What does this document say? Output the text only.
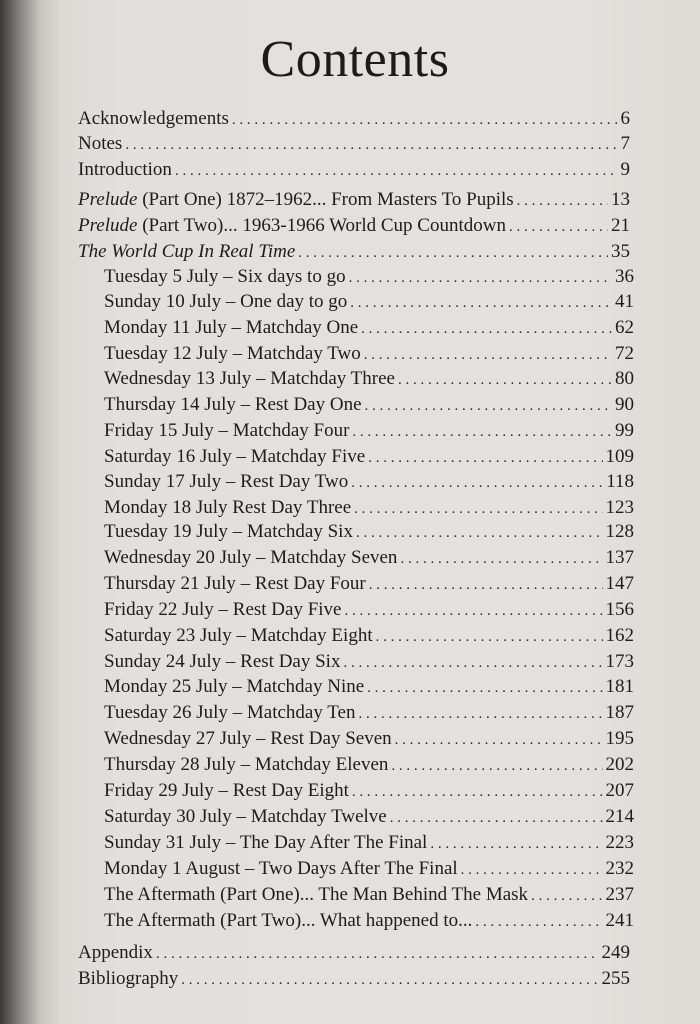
Contents
Acknowledgements . . .	6
Notes . . .	7
Introduction . . .	9
Prelude (Part One) 1872–1962... From Masters To Pupils . . .	13
Prelude (Part Two)... 1963-1966 World Cup Countdown . . .	21
The World Cup In Real Time . . .	35
Tuesday 5 July – Six days to go . . .	36
Sunday 10 July – One day to go . . .	41
Monday 11 July – Matchday One . . .	62
Tuesday 12 July – Matchday Two . . .	72
Wednesday 13 July – Matchday Three . . .	80
Thursday 14 July – Rest Day One . . .	90
Friday 15 July – Matchday Four . . .	99
Saturday 16 July – Matchday Five . . .	109
Sunday 17 July – Rest Day Two . . .	118
Monday 18 July Rest Day Three . . .	123
Tuesday 19 July – Matchday Six . . .	128
Wednesday 20 July – Matchday Seven . . .	137
Thursday 21 July – Rest Day Four . . .	147
Friday 22 July – Rest Day Five . . .	156
Saturday 23 July – Matchday Eight . . .	162
Sunday 24 July – Rest Day Six . . .	173
Monday 25 July – Matchday Nine . . .	181
Tuesday 26 July – Matchday Ten . . .	187
Wednesday 27 July – Rest Day Seven . . .	195
Thursday 28 July – Matchday Eleven . . .	202
Friday 29 July – Rest Day Eight . . .	207
Saturday 30 July – Matchday Twelve . . .	214
Sunday 31 July – The Day After The Final . . .	223
Monday 1 August – Two Days After The Final . . .	232
The Aftermath (Part One)... The Man Behind The Mask . . .	237
The Aftermath (Part Two)... What happened to... . . .	241
Appendix . . .	249
Bibliography . . .	255
